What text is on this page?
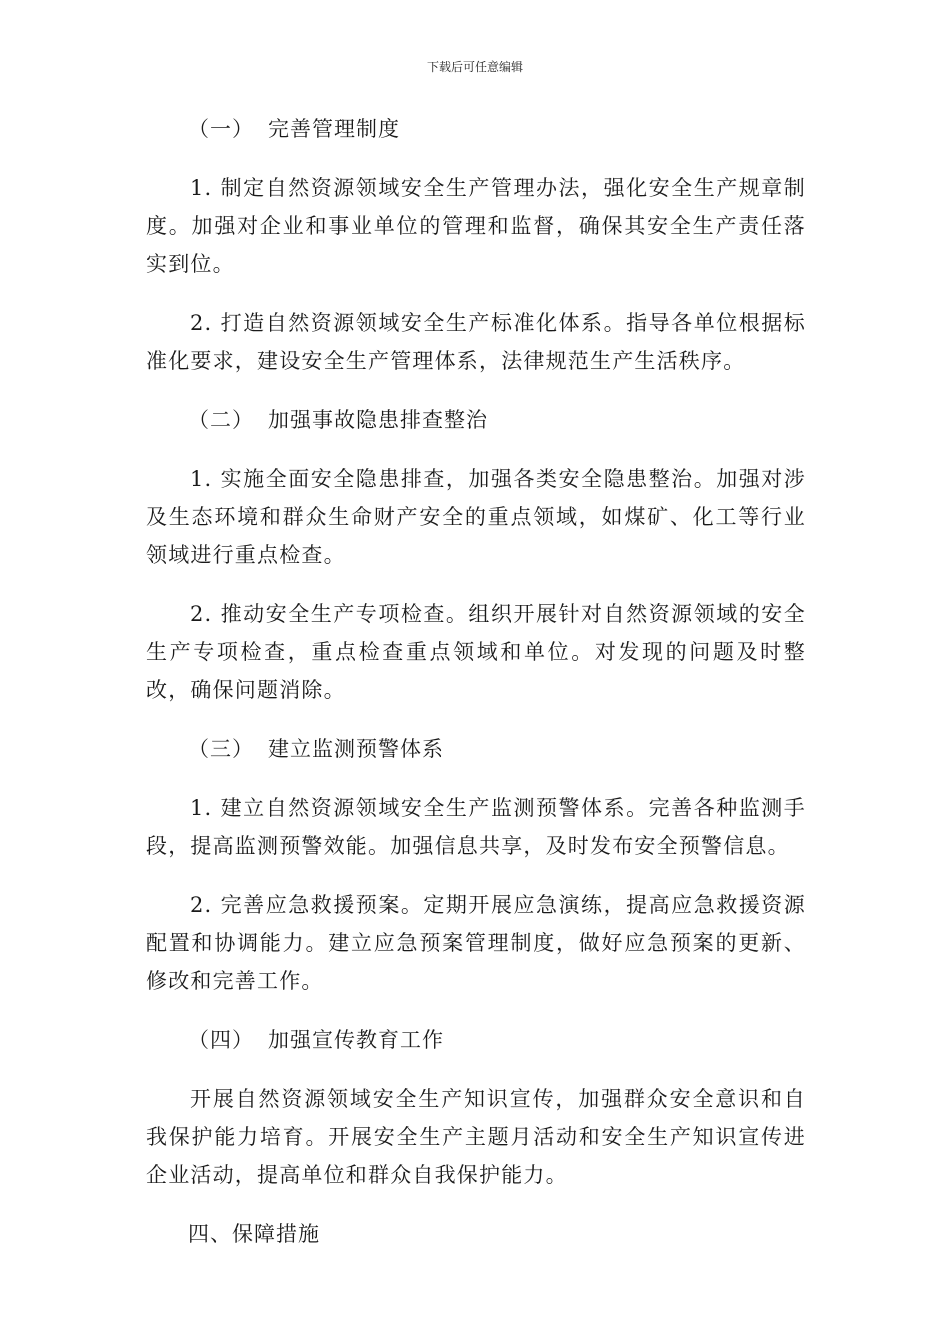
下载后可任意编辑
（一） 完善管理制度

1. 制定自然资源领域安全生产管理办法，强化安全生产规章制度。加强对企业和事业单位的管理和监督，确保其安全生产责任落实到位。

2. 打造自然资源领域安全生产标准化体系。指导各单位根据标准化要求，建设安全生产管理体系，法律规范生产生活秩序。

（二） 加强事故隐患排查整治

1. 实施全面安全隐患排查，加强各类安全隐患整治。加强对涉及生态环境和群众生命财产安全的重点领域，如煤矿、化工等行业领域进行重点检查。

2. 推动安全生产专项检查。组织开展针对自然资源领域的安全生产专项检查，重点检查重点领域和单位。对发现的问题及时整改，确保问题消除。

（三） 建立监测预警体系

1. 建立自然资源领域安全生产监测预警体系。完善各种监测手段，提高监测预警效能。加强信息共享，及时发布安全预警信息。

2. 完善应急救援预案。定期开展应急演练，提高应急救援资源配置和协调能力。建立应急预案管理制度，做好应急预案的更新、修改和完善工作。

（四） 加强宣传教育工作

开展自然资源领域安全生产知识宣传，加强群众安全意识和自我保护能力培育。开展安全生产主题月活动和安全生产知识宣传进企业活动，提高单位和群众自我保护能力。

四、保障措施
